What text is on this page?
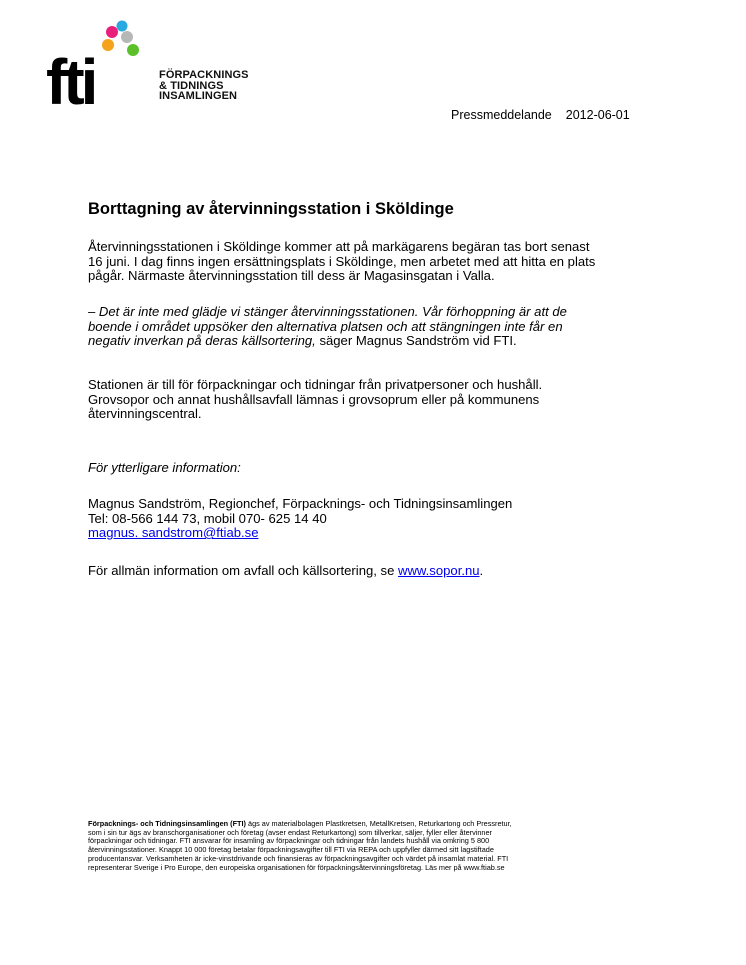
fti	FÖRPACKNINGS
& TIDNINGS
INSAMLINGEN
Pressmeddelande 2012-06-01
Borttagning av återvinningsstation i Sköldinge
Återvinningsstationen i Sköldinge kommer att på markägarens begäran tas bort senast
16 juni. I dag finns ingen ersättningsplats i Sköldinge, men arbetet med att hitta en plats
pågår. Närmaste återvinningsstation till dess är Magasinsgatan i Valla.
– Det är inte med glädje vi stänger återvinningsstationen. Vår förhoppning är att de
boende i området uppsöker den alternativa platsen och att stängningen inte får en
negativ inverkan på deras källsortering, säger Magnus Sandström vid FTI.
Stationen är till för förpackningar och tidningar från privatpersoner och hushåll.
Grovsopor och annat hushållsavfall lämnas i grovsoprum eller på kommunens
återvinningscentral.
För ytterligare information:
Magnus Sandström, Regionchef, Förpacknings- och Tidningsinsamlingen
Tel: 08-566 144 73, mobil 070- 625 14 40
magnus. sandstrom@ftiab.se
För allmän information om avfall och källsortering, se www.sopor.nu.
Förpacknings- och Tidningsinsamlingen (FTI) ägs av materialbolagen Plastkretsen, MetallKretsen, Returkartong och Pressretur,
som i sin tur ägs av branschorganisationer och företag (avser endast Returkartong) som tillverkar, säljer, fyller eller återvinner
förpackningar och tidningar. FTI ansvarar för insamling av förpackningar och tidningar från landets hushåll via omkring 5 800
återvinningsstationer. Knappt 10 000 företag betalar förpackningsavgifter till FTI via REPA och uppfyller därmed sitt lagstiftade
producentansvar. Verksamheten är icke-vinstdrivande och finansieras av förpackningsavgifter och värdet på insamlat material. FTI
representerar Sverige i Pro Europe, den europeiska organisationen för förpackningsåtervinningsföretag. Läs mer på www.ftiab.se
